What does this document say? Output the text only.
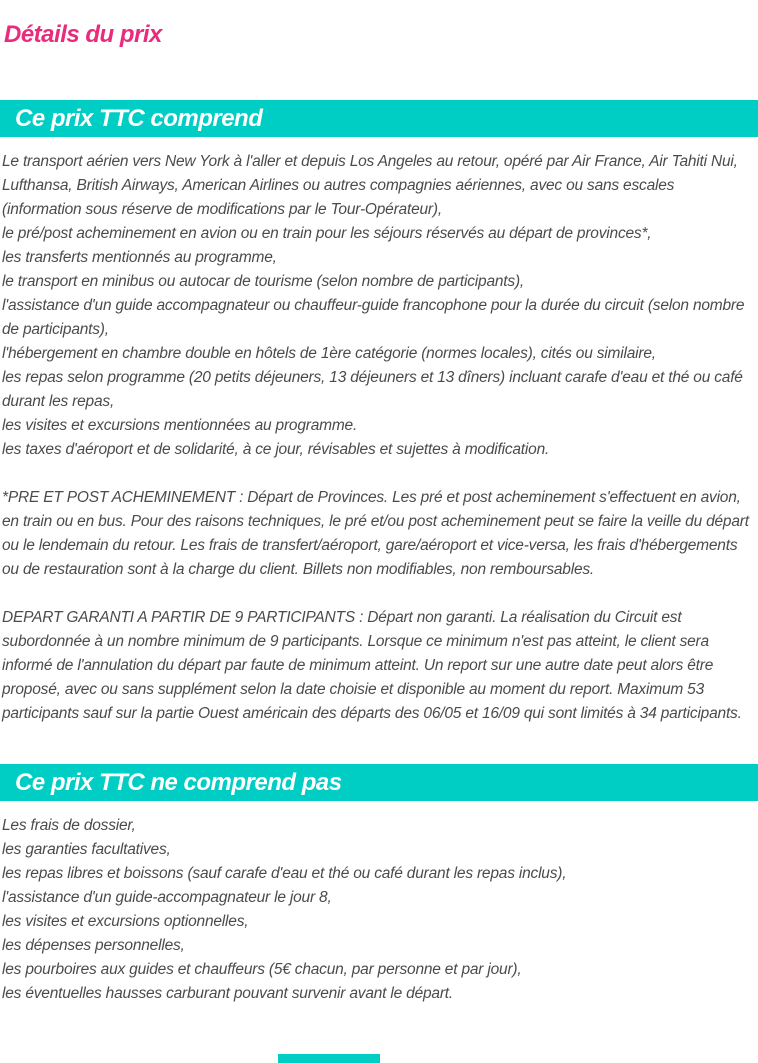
Détails du prix
Ce prix TTC comprend

Le transport aérien vers New York à l'aller et depuis Los Angeles au retour, opéré par Air France, Air Tahiti Nui, Lufthansa, British Airways, American Airlines ou autres compagnies aériennes, avec ou sans escales (information sous réserve de modifications par le Tour-Opérateur),

le pré/post acheminement en avion ou en train pour les séjours réservés au départ de provinces*,

les transferts mentionnés au programme,

le transport en minibus ou autocar de tourisme (selon nombre de participants),

l'assistance d'un guide accompagnateur ou chauffeur-guide francophone pour la durée du circuit (selon nombre de participants),

l'hébergement en chambre double en hôtels de 1ère catégorie (normes locales), cités ou similaire,

les repas selon programme (20 petits déjeuners, 13 déjeuners et 13 dîners) incluant carafe d'eau et thé ou café durant les repas,

les visites et excursions mentionnées au programme.

les taxes d'aéroport et de solidarité, à ce jour, révisables et sujettes à modification.

*PRE ET POST ACHEMINEMENT : Départ de Provinces. Les pré et post acheminement s'effectuent en avion, en train ou en bus. Pour des raisons techniques, le pré et/ou post acheminement peut se faire la veille du départ ou le lendemain du retour. Les frais de transfert/aéroport, gare/aéroport et vice-versa, les frais d'hébergements ou de restauration sont à la charge du client. Billets non modifiables, non remboursables.

DEPART GARANTI A PARTIR DE 9 PARTICIPANTS : Départ non garanti. La réalisation du Circuit est subordonnée à un nombre minimum de 9 participants. Lorsque ce minimum n'est pas atteint, le client sera informé de l'annulation du départ par faute de minimum atteint. Un report sur une autre date peut alors être proposé, avec ou sans supplément selon la date choisie et disponible au moment du report. Maximum 53 participants sauf sur la partie Ouest américain des départs des 06/05 et 16/09 qui sont limités à 34 participants.

Ce prix TTC ne comprend pas

Les frais de dossier,

les garanties facultatives,

les repas libres et boissons (sauf carafe d'eau et thé ou café durant les repas inclus),

l'assistance d'un guide-accompagnateur le jour 8,

les visites et excursions optionnelles,

les dépenses personnelles,

les pourboires aux guides et chauffeurs (5€ chacun, par personne et par jour),

les éventuelles hausses carburant pouvant survenir avant le départ.
